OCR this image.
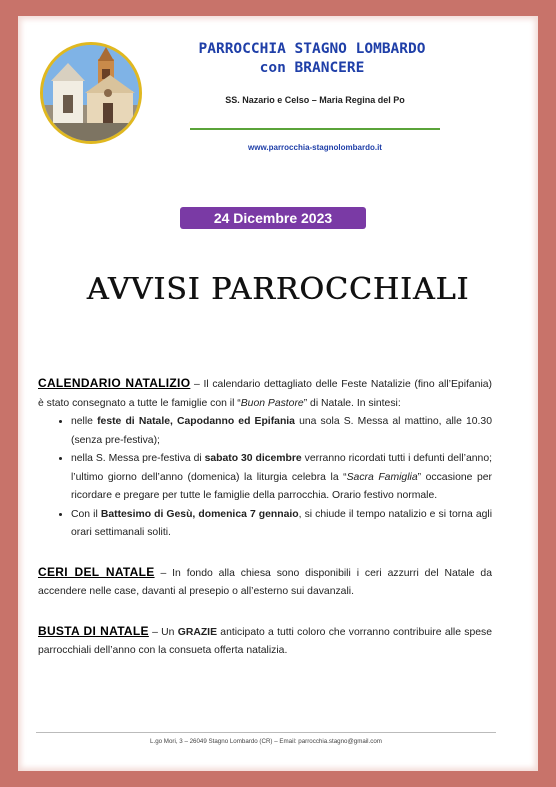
PARROCCHIA STAGNO LOMBARDO
con BRANCERE
SS. Nazario e Celso – Maria Regina del Po
www.parrocchia-stagnolombardo.it
24 Dicembre 2023
AVVISI PARROCCHIALI

CALENDARIO NATALIZIO – Il calendario dettagliato delle Feste Natalizie (fino all’Epifania) è stato consegnato a tutte le famiglie con il “Buon Pastore” di Natale. In sintesi:

• nelle feste di Natale, Capodanno ed Epifania una sola S. Messa al mattino, alle 10.30 (senza pre-festiva);
• nella S. Messa pre-festiva di sabato 30 dicembre verranno ricordati tutti i defunti dell’anno; l’ultimo giorno dell’anno (domenica) la liturgia celebra la “Sacra Famiglia” occasione per ricordare e pregare per tutte le famiglie della parrocchia. Orario festivo normale.
• Con il Battesimo di Gesù, domenica 7 gennaio, si chiude il tempo natalizio e si torna agli orari settimanali soliti.

CERI DEL NATALE – In fondo alla chiesa sono disponibili i ceri azzurri del Natale da accendere nelle case, davanti al presepio o all’esterno sui davanzali.

BUSTA DI NATALE – Un GRAZIE anticipato a tutti coloro che vorranno contribuire alle spese parrocchiali dell’anno con la consueta offerta natalizia.

L.go Mori, 3 – 26049 Stagno Lombardo (CR) – Email: parrocchia.stagno@gmail.com
